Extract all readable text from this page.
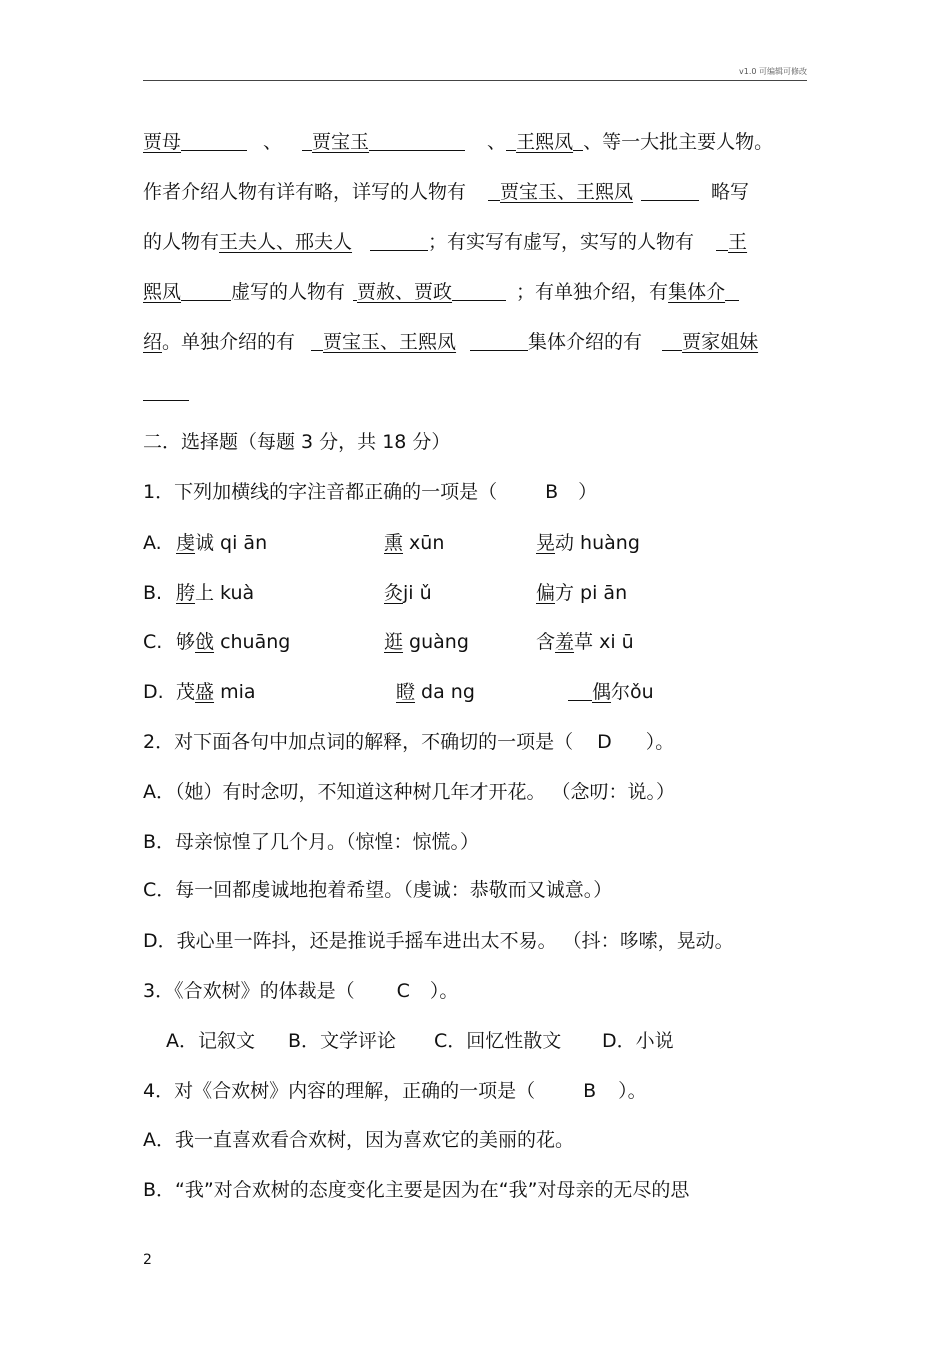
v1.0 可编辑可修改
贾母	、 贾宝玉	、 王熙凤 、等一大批主要人物。
作者介绍人物有详有略，详写的人物有 贾宝玉、王熙凤	略写
的人物有王夫人、邢夫人	；有实写有虚写，实写的人物有 王
熙凤	虚写的人物有 贾赦、贾政	；有单独介绍，有集体介
绍。单独介绍的有 贾宝玉、王熙凤	集体介绍的有 贾家姐妹
二．选择题（每题 3 分，共 18 分）
1．下列加横线的字注音都正确的一项是（	B ）
A. 虔诚 qi ān	熏 xūn	晃动 huàng
B. 胯上 kuà	灸ji ǔ	偏方 pi ān
C. 够戗 chuāng	逛 guàng	含羞草 xi ū
D. 茂盛 mia	瞪 da ng	偶尔ǒu
2．对下面各句中加点词的解释，不确切的一项是（ D ）。
A．（她）有时念叨，不知道这种树几年才开花。 （念叨：说。）
B．母亲惊惶了几个月。（惊惶：惊慌。）
C．每一回都虔诚地抱着希望。（虔诚：恭敬而又诚意。）
D．我心里一阵抖，还是推说手摇车进出太不易。 （抖：哆嗦，晃动。
3．《合欢树》的体裁是（ C ）。
A．记叙文 B．文学评论 C．回忆性散文 D．小说
4．对《合欢树》内容的理解，正确的一项是（	B ）。
A．我一直喜欢看合欢树，因为喜欢它的美丽的花。
B．“我”对合欢树的态度变化主要是因为在“我”对母亲的无尽的思
2
